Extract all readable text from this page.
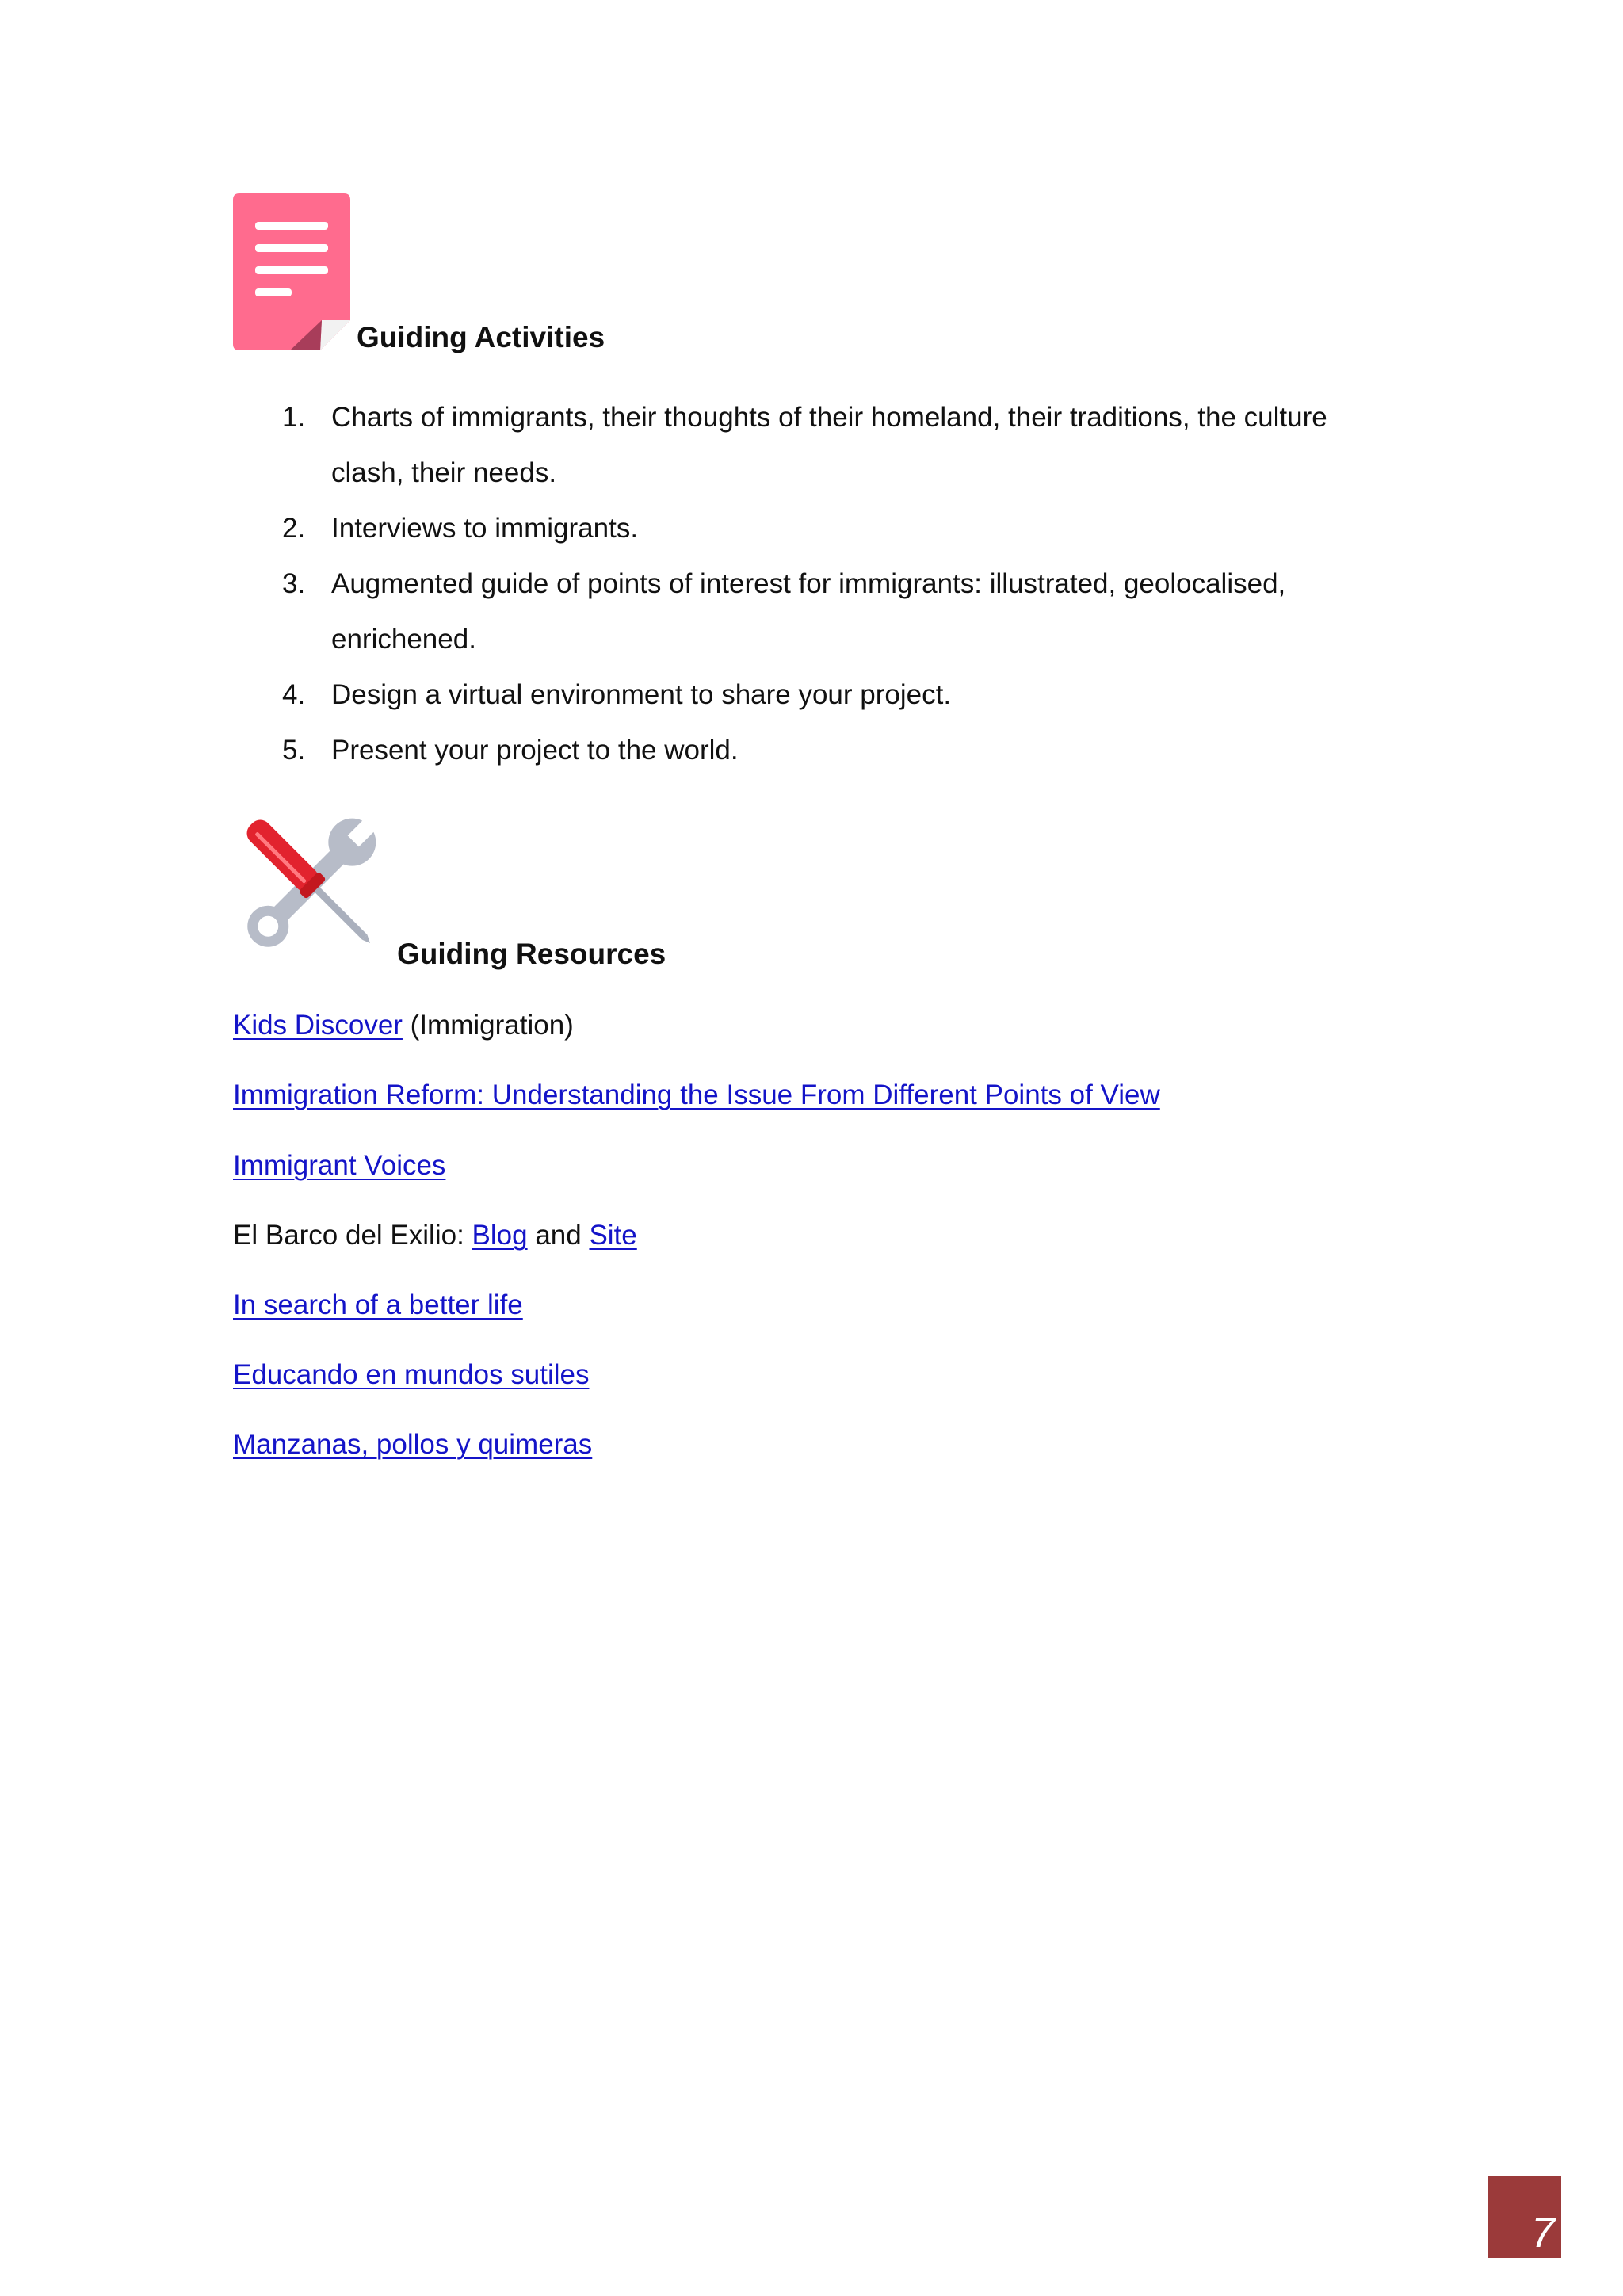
Guiding Activities
1. Charts of immigrants, their thoughts of their homeland, their traditions, the culture clash, their needs.
2. Interviews to immigrants.
3. Augmented guide of points of interest for immigrants: illustrated, geolocalised, enrichened.
4. Design a virtual environment to share your project.
5. Present your project to the world.
Guiding Resources
Kids Discover (Immigration)
Immigration Reform: Understanding the Issue From Different Points of View
Immigrant Voices
El Barco del Exilio: Blog and Site
In search of a better life
Educando en mundos sutiles
Manzanas, pollos y quimeras
7
